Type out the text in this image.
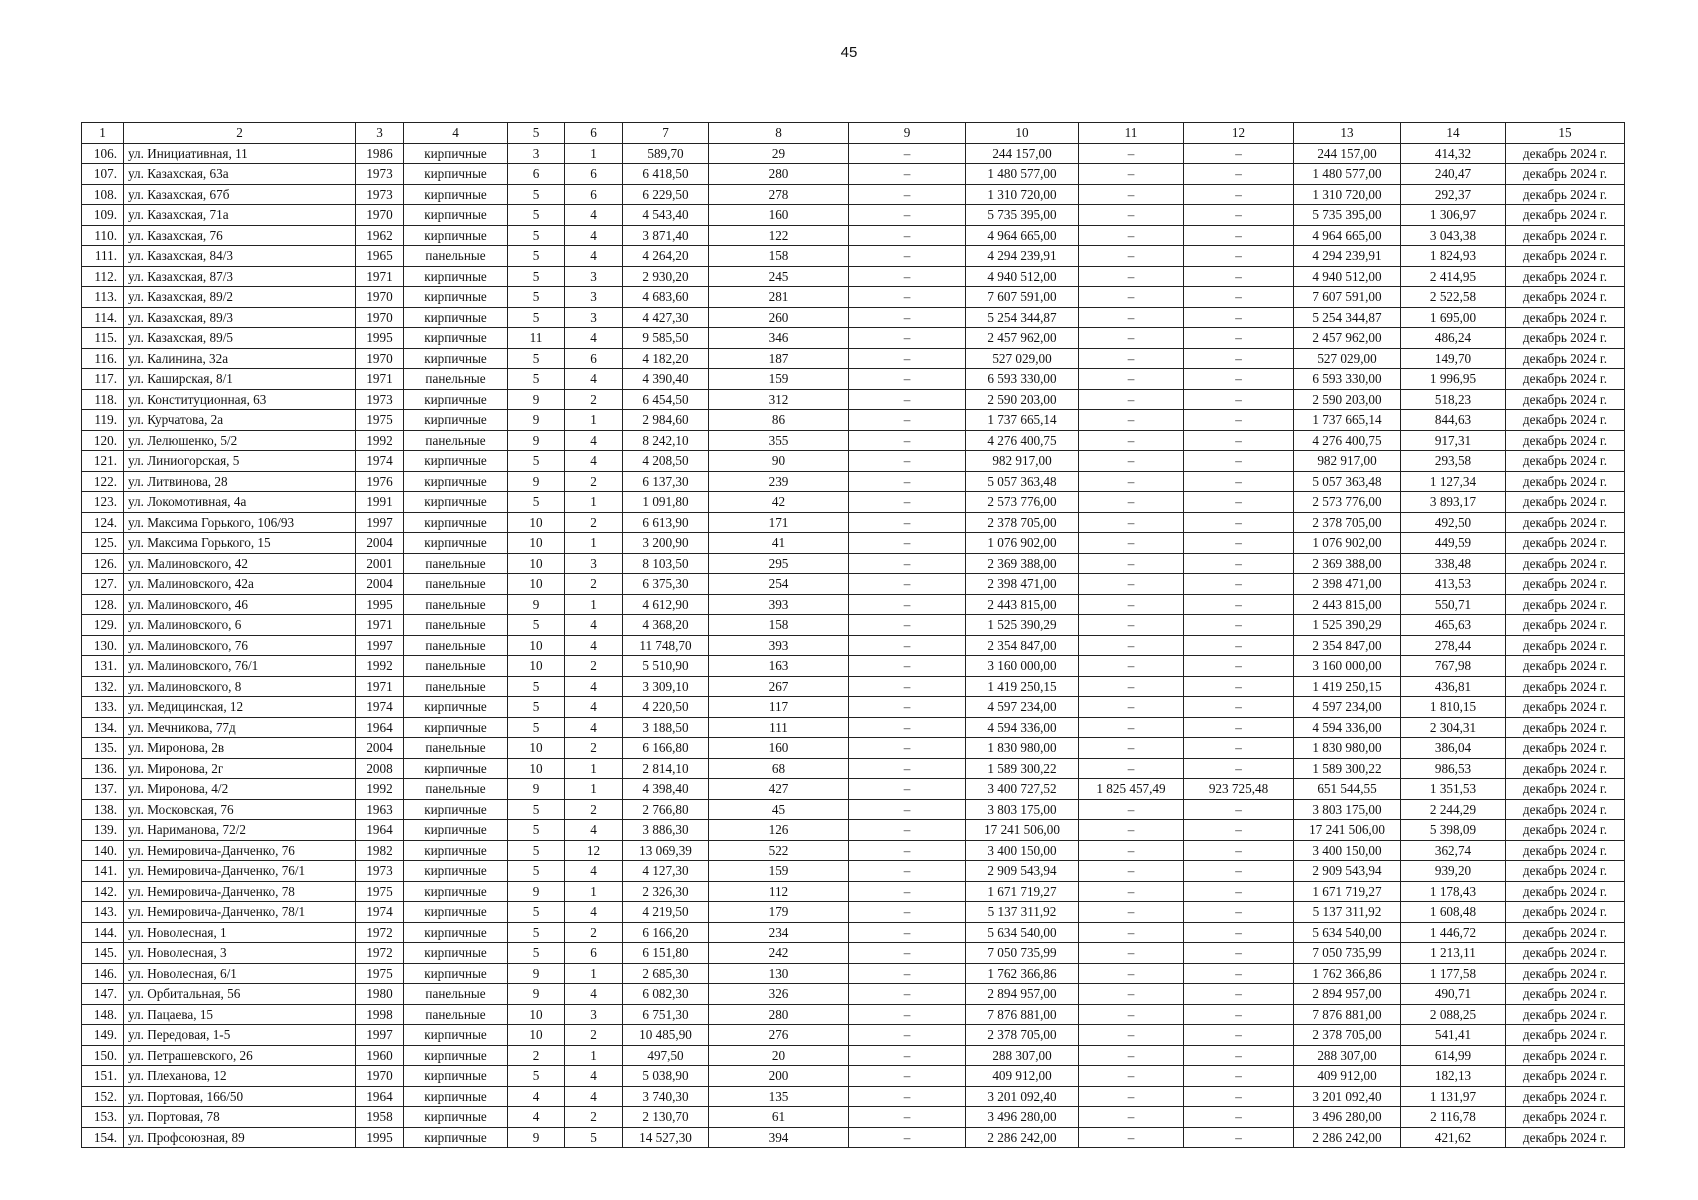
45
1	2	3	4	5	6	7	8	9	10	11	12	13	14	15
106.	ул. Инициативная, 11	1986	кирпичные	3	1	589,70	29	–	244 157,00	–	–	244 157,00	414,32	декабрь 2024 г.
107.	ул. Казахская, 63а	1973	кирпичные	6	6	6 418,50	280	–	1 480 577,00	–	–	1 480 577,00	240,47	декабрь 2024 г.
108.	ул. Казахская, 67б	1973	кирпичные	5	6	6 229,50	278	–	1 310 720,00	–	–	1 310 720,00	292,37	декабрь 2024 г.
109.	ул. Казахская, 71а	1970	кирпичные	5	4	4 543,40	160	–	5 735 395,00	–	–	5 735 395,00	1 306,97	декабрь 2024 г.
110.	ул. Казахская, 76	1962	кирпичные	5	4	3 871,40	122	–	4 964 665,00	–	–	4 964 665,00	3 043,38	декабрь 2024 г.
111.	ул. Казахская, 84/3	1965	панельные	5	4	4 264,20	158	–	4 294 239,91	–	–	4 294 239,91	1 824,93	декабрь 2024 г.
112.	ул. Казахская, 87/3	1971	кирпичные	5	3	2 930,20	245	–	4 940 512,00	–	–	4 940 512,00	2 414,95	декабрь 2024 г.
113.	ул. Казахская, 89/2	1970	кирпичные	5	3	4 683,60	281	–	7 607 591,00	–	–	7 607 591,00	2 522,58	декабрь 2024 г.
114.	ул. Казахская, 89/3	1970	кирпичные	5	3	4 427,30	260	–	5 254 344,87	–	–	5 254 344,87	1 695,00	декабрь 2024 г.
115.	ул. Казахская, 89/5	1995	кирпичные	11	4	9 585,50	346	–	2 457 962,00	–	–	2 457 962,00	486,24	декабрь 2024 г.
116.	ул. Калинина, 32а	1970	кирпичные	5	6	4 182,20	187	–	527 029,00	–	–	527 029,00	149,70	декабрь 2024 г.
117.	ул. Каширская, 8/1	1971	панельные	5	4	4 390,40	159	–	6 593 330,00	–	–	6 593 330,00	1 996,95	декабрь 2024 г.
118.	ул. Конституционная, 63	1973	кирпичные	9	2	6 454,50	312	–	2 590 203,00	–	–	2 590 203,00	518,23	декабрь 2024 г.
119.	ул. Курчатова, 2а	1975	кирпичные	9	1	2 984,60	86	–	1 737 665,14	–	–	1 737 665,14	844,63	декабрь 2024 г.
120.	ул. Лелюшенко, 5/2	1992	панельные	9	4	8 242,10	355	–	4 276 400,75	–	–	4 276 400,75	917,31	декабрь 2024 г.
121.	ул. Линиогорская, 5	1974	кирпичные	5	4	4 208,50	90	–	982 917,00	–	–	982 917,00	293,58	декабрь 2024 г.
122.	ул. Литвинова, 28	1976	кирпичные	9	2	6 137,30	239	–	5 057 363,48	–	–	5 057 363,48	1 127,34	декабрь 2024 г.
123.	ул. Локомотивная, 4а	1991	кирпичные	5	1	1 091,80	42	–	2 573 776,00	–	–	2 573 776,00	3 893,17	декабрь 2024 г.
124.	ул. Максима Горького, 106/93	1997	кирпичные	10	2	6 613,90	171	–	2 378 705,00	–	–	2 378 705,00	492,50	декабрь 2024 г.
125.	ул. Максима Горького, 15	2004	кирпичные	10	1	3 200,90	41	–	1 076 902,00	–	–	1 076 902,00	449,59	декабрь 2024 г.
126.	ул. Малиновского, 42	2001	панельные	10	3	8 103,50	295	–	2 369 388,00	–	–	2 369 388,00	338,48	декабрь 2024 г.
127.	ул. Малиновского, 42а	2004	панельные	10	2	6 375,30	254	–	2 398 471,00	–	–	2 398 471,00	413,53	декабрь 2024 г.
128.	ул. Малиновского, 46	1995	панельные	9	1	4 612,90	393	–	2 443 815,00	–	–	2 443 815,00	550,71	декабрь 2024 г.
129.	ул. Малиновского, 6	1971	панельные	5	4	4 368,20	158	–	1 525 390,29	–	–	1 525 390,29	465,63	декабрь 2024 г.
130.	ул. Малиновского, 76	1997	панельные	10	4	11 748,70	393	–	2 354 847,00	–	–	2 354 847,00	278,44	декабрь 2024 г.
131.	ул. Малиновского, 76/1	1992	панельные	10	2	5 510,90	163	–	3 160 000,00	–	–	3 160 000,00	767,98	декабрь 2024 г.
132.	ул. Малиновского, 8	1971	панельные	5	4	3 309,10	267	–	1 419 250,15	–	–	1 419 250,15	436,81	декабрь 2024 г.
133.	ул. Медицинская, 12	1974	кирпичные	5	4	4 220,50	117	–	4 597 234,00	–	–	4 597 234,00	1 810,15	декабрь 2024 г.
134.	ул. Мечникова, 77д	1964	кирпичные	5	4	3 188,50	111	–	4 594 336,00	–	–	4 594 336,00	2 304,31	декабрь 2024 г.
135.	ул. Миронова, 2в	2004	панельные	10	2	6 166,80	160	–	1 830 980,00	–	–	1 830 980,00	386,04	декабрь 2024 г.
136.	ул. Миронова, 2г	2008	кирпичные	10	1	2 814,10	68	–	1 589 300,22	–	–	1 589 300,22	986,53	декабрь 2024 г.
137.	ул. Миронова, 4/2	1992	панельные	9	1	4 398,40	427	–	3 400 727,52	1 825 457,49	923 725,48	651 544,55	1 351,53	декабрь 2024 г.
138.	ул. Московская, 76	1963	кирпичные	5	2	2 766,80	45	–	3 803 175,00	–	–	3 803 175,00	2 244,29	декабрь 2024 г.
139.	ул. Нариманова, 72/2	1964	кирпичные	5	4	3 886,30	126	–	17 241 506,00	–	–	17 241 506,00	5 398,09	декабрь 2024 г.
140.	ул. Немировича-Данченко, 76	1982	кирпичные	5	12	13 069,39	522	–	3 400 150,00	–	–	3 400 150,00	362,74	декабрь 2024 г.
141.	ул. Немировича-Данченко, 76/1	1973	кирпичные	5	4	4 127,30	159	–	2 909 543,94	–	–	2 909 543,94	939,20	декабрь 2024 г.
142.	ул. Немировича-Данченко, 78	1975	кирпичные	9	1	2 326,30	112	–	1 671 719,27	–	–	1 671 719,27	1 178,43	декабрь 2024 г.
143.	ул. Немировича-Данченко, 78/1	1974	кирпичные	5	4	4 219,50	179	–	5 137 311,92	–	–	5 137 311,92	1 608,48	декабрь 2024 г.
144.	ул. Новолесная, 1	1972	кирпичные	5	2	6 166,20	234	–	5 634 540,00	–	–	5 634 540,00	1 446,72	декабрь 2024 г.
145.	ул. Новолесная, 3	1972	кирпичные	5	6	6 151,80	242	–	7 050 735,99	–	–	7 050 735,99	1 213,11	декабрь 2024 г.
146.	ул. Новолесная, 6/1	1975	кирпичные	9	1	2 685,30	130	–	1 762 366,86	–	–	1 762 366,86	1 177,58	декабрь 2024 г.
147.	ул. Орбитальная, 56	1980	панельные	9	4	6 082,30	326	–	2 894 957,00	–	–	2 894 957,00	490,71	декабрь 2024 г.
148.	ул. Пацаева, 15	1998	панельные	10	3	6 751,30	280	–	7 876 881,00	–	–	7 876 881,00	2 088,25	декабрь 2024 г.
149.	ул. Передовая, 1-5	1997	кирпичные	10	2	10 485,90	276	–	2 378 705,00	–	–	2 378 705,00	541,41	декабрь 2024 г.
150.	ул. Петрашевского, 26	1960	кирпичные	2	1	497,50	20	–	288 307,00	–	–	288 307,00	614,99	декабрь 2024 г.
151.	ул. Плеханова, 12	1970	кирпичные	5	4	5 038,90	200	–	409 912,00	–	–	409 912,00	182,13	декабрь 2024 г.
152.	ул. Портовая, 166/50	1964	кирпичные	4	4	3 740,30	135	–	3 201 092,40	–	–	3 201 092,40	1 131,97	декабрь 2024 г.
153.	ул. Портовая, 78	1958	кирпичные	4	2	2 130,70	61	–	3 496 280,00	–	–	3 496 280,00	2 116,78	декабрь 2024 г.
154.	ул. Профсоюзная, 89	1995	кирпичные	9	5	14 527,30	394	–	2 286 242,00	–	–	2 286 242,00	421,62	декабрь 2024 г.
